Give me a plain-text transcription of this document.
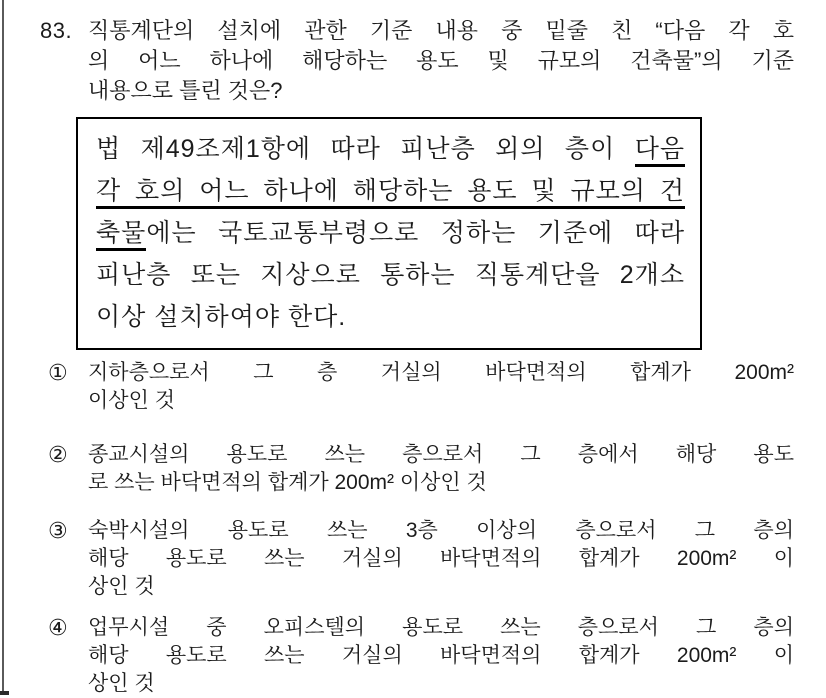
83. 직통계단의 설치에 관한 기준 내용 중 밑줄 친 “다음 각 호
의 어느 하나에 해당하는 용도 및 규모의 건축물”의 기준
내용으로 틀린 것은?
법 제49조제1항에 따라 피난층 외의 층이 다음
각 호의 어느 하나에 해당하는 용도 및 규모의 건
축물에는 국토교통부령으로 정하는 기준에 따라
피난층 또는 지상으로 통하는 직통계단을 2개소
이상 설치하여야 한다.
① 지하층으로서 그 층 거실의 바닥면적의 합계가 200m²
이상인 것
② 종교시설의 용도로 쓰는 층으로서 그 층에서 해당 용도
로 쓰는 바닥면적의 합계가 200m² 이상인 것
③ 숙박시설의 용도로 쓰는 3층 이상의 층으로서 그 층의
해당 용도로 쓰는 거실의 바닥면적의 합계가 200m² 이
상인 것
④ 업무시설 중 오피스텔의 용도로 쓰는 층으로서 그 층의
해당 용도로 쓰는 거실의 바닥면적의 합계가 200m² 이
상인 것
